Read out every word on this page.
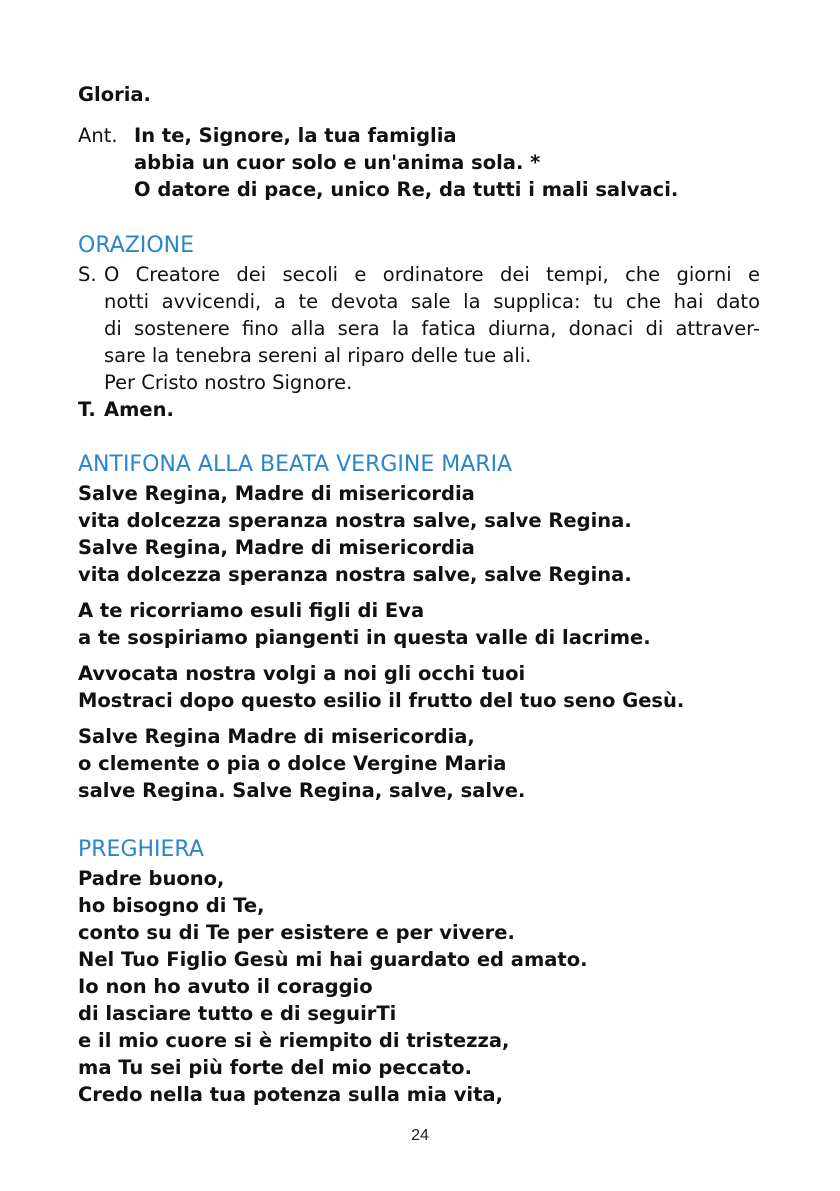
Gloria.
Ant. In te, Signore, la tua famiglia
abbia un cuor solo e un'anima sola. *
O datore di pace, unico Re, da tutti i mali salvaci.
ORAZIONE
S. O Creatore dei secoli e ordinatore dei tempi, che giorni e
notti avvicendi, a te devota sale la supplica: tu che hai dato
di sostenere fino alla sera la fatica diurna, donaci di attraver-
sare la tenebra sereni al riparo delle tue ali.
Per Cristo nostro Signore.
T. Amen.
ANTIFONA ALLA BEATA VERGINE MARIA
Salve Regina, Madre di misericordia
vita dolcezza speranza nostra salve, salve Regina.
Salve Regina, Madre di misericordia
vita dolcezza speranza nostra salve, salve Regina.
A te ricorriamo esuli figli di Eva
a te sospiriamo piangenti in questa valle di lacrime.
Avvocata nostra volgi a noi gli occhi tuoi
Mostraci dopo questo esilio il frutto del tuo seno Gesù.
Salve Regina Madre di misericordia,
o clemente o pia o dolce Vergine Maria
salve Regina. Salve Regina, salve, salve.
PREGHIERA
Padre buono,
ho bisogno di Te,
conto su di Te per esistere e per vivere.
Nel Tuo Figlio Gesù mi hai guardato ed amato.
Io non ho avuto il coraggio
di lasciare tutto e di seguirTi
e il mio cuore si è riempito di tristezza,
ma Tu sei più forte del mio peccato.
Credo nella tua potenza sulla mia vita,
24
